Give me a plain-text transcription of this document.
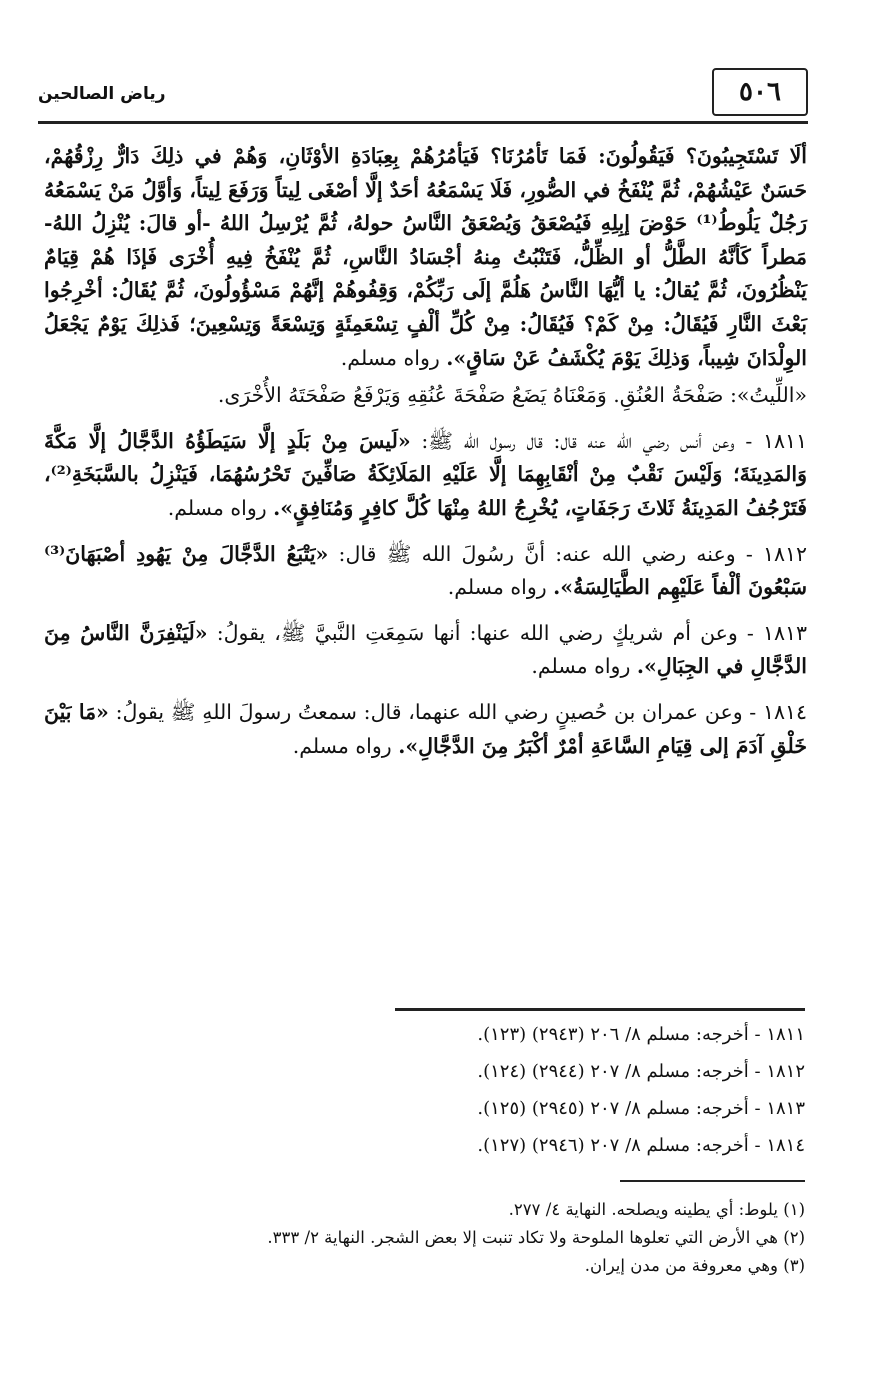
٥٠٦
رياض الصالحين

ألَا تَسْتَجِيبُونَ؟ فَيَقُولُونَ: فَمَا تَأمُرُنَا؟ فَيَأمُرُهُمْ بِعِبَادَةِ الأوْثَانِ، وَهُمْ في ذلِكَ دَارٌّ رِزْقُهُمْ، حَسَنٌ عَيْشُهُمْ، ثُمَّ يُنْفَخُ في الصُّورِ، فَلَا يَسْمَعُهُ أحَدٌ إلَّا أصْغَى لِيتاً وَرَفَعَ لِيتاً، وَأوَّلُ مَنْ يَسْمَعُهُ رَجُلٌ يَلُوطُ⁽¹⁾ حَوْضَ إبِلِهِ فَيُصْعَقُ وَيُصْعَقُ النَّاسُ حولهُ، ثُمَّ يُرْسِلُ اللهُ -أو قالَ: يُنْزِلُ اللهُ- مَطراً كَأنَّهُ الطَّلُّ أو الظِّلُّ، فَتَنْبُتُ مِنهُ أجْسَادُ النَّاسِ، ثُمَّ يُنْفَخُ فِيهِ أُخْرَى فَإذَا هُمْ قِيَامٌ يَنْظُرُونَ، ثُمَّ يُقالُ: يا أيُّهَا النَّاسُ هَلُمَّ إلَى رَبِّكُمْ، وَقِفُوهُمْ إنَّهُمْ مَسْؤُولُونَ، ثُمَّ يُقَالُ: أخْرِجُوا بَعْثَ النَّارِ فَيُقَالُ: مِنْ كَمْ؟ فَيُقَالُ: مِنْ كُلِّ ألْفٍ تِسْعَمِئَةٍ وَتِسْعَةً وَتِسْعِينَ؛ فَذلِكَ يَوْمٌ يَجْعَلُ الوِلْدَانَ شِيباً، وَذلِكَ يَوْمَ يُكْشَفُ عَنْ سَاقٍ». رواه مسلم.

«اللِّيتُ»: صَفْحَةُ العُنُقِ. وَمَعْنَاهُ يَضَعُ صَفْحَةَ عُنُقِهِ وَيَرْفَعُ صَفْحَتَهُ الأُخْرَى.

١٨١١ - وعن أنس رضي الله عنه قال: قال رسول الله ﷺ: «لَيسَ مِنْ بَلَدٍ إلَّا سَيَطَؤُهُ الدَّجَّالُ إلَّا مَكَّةَ وَالمَدِينَةَ؛ وَلَيْسَ نَقْبٌ مِنْ أنْقَابِهِمَا إلَّا عَلَيْهِ المَلَائِكَةُ صَافِّينَ تَحْرُسُهُمَا، فَيَنْزِلُ بالسَّبَخَةِ⁽²⁾، فَتَرْجُفُ المَدِينَةُ ثَلاثَ رَجَفَاتٍ، يُخْرِجُ اللهُ مِنْهَا كُلَّ كافِرٍ وَمُنَافِقٍ». رواه مسلم.

١٨١٢ - وعنه رضي الله عنه: أنَّ رسُولَ الله ﷺ قال: «يَتْبَعُ الدَّجَّالَ مِنْ يَهُودِ أصْبَهَانَ⁽³⁾ سَبْعُونَ ألْفاً عَلَيْهِم الطَّيَالِسَةُ». رواه مسلم.

١٨١٣ - وعن أم شريكٍ رضي الله عنها: أنها سَمِعَتِ النَّبيَّ ﷺ، يقولُ: «لَيَنْفِرَنَّ النَّاسُ مِنَ الدَّجَّالِ في الجِبَالِ». رواه مسلم.

١٨١٤ - وعن عمران بن حُصينٍ رضي الله عنهما، قال: سمعتُ رسولَ اللهِ ﷺ يقولُ: «مَا بَيْنَ خَلْقِ آدَمَ إلى قِيَامِ السَّاعَةِ أمْرٌ أكْبَرُ مِنَ الدَّجَّالِ». رواه مسلم.

١٨١١ - أخرجه: مسلم ٨/ ٢٠٦ (٢٩٤٣) (١٢٣).
١٨١٢ - أخرجه: مسلم ٨/ ٢٠٧ (٢٩٤٤) (١٢٤).
١٨١٣ - أخرجه: مسلم ٨/ ٢٠٧ (٢٩٤٥) (١٢٥).
١٨١٤ - أخرجه: مسلم ٨/ ٢٠٧ (٢٩٤٦) (١٢٧).
(١) يلوط: أي يطينه ويصلحه. النهاية ٤/ ٢٧٧.
(٢) هي الأرض التي تعلوها الملوحة ولا تكاد تنبت إلا بعض الشجر. النهاية ٢/ ٣٣٣.
(٣) وهي معروفة من مدن إيران.
